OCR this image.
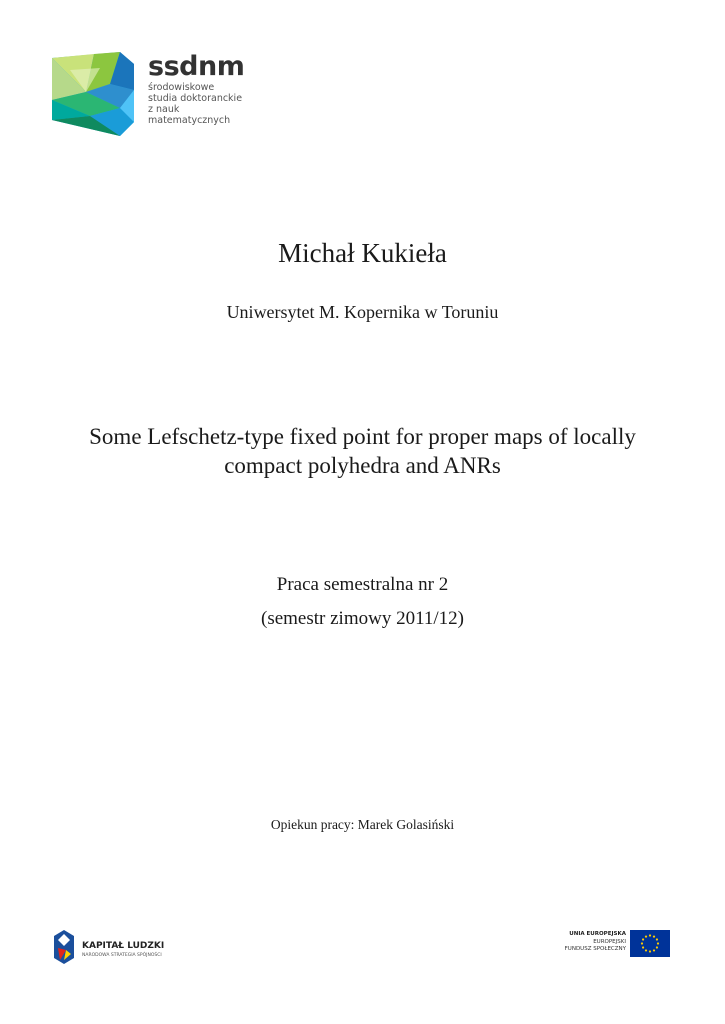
ssdnm
środowiskowe
studia doktoranckie
z nauk matematycznych
Michał Kukieła
Uniwersytet M. Kopernika w Toruniu
Some Lefschetz-type fixed point for proper maps of locally
compact polyhedra and ANRs
Praca semestralna nr 2
(semestr zimowy 2011/12)
Opiekun pracy: Marek Golasiński
KAPITAŁ LUDZKI
NARODOWA STRATEGIA SPÓJNOŚCI
UNIA EUROPEJSKA
EUROPEJSKI
FUNDUSZ SPOŁECZNY
